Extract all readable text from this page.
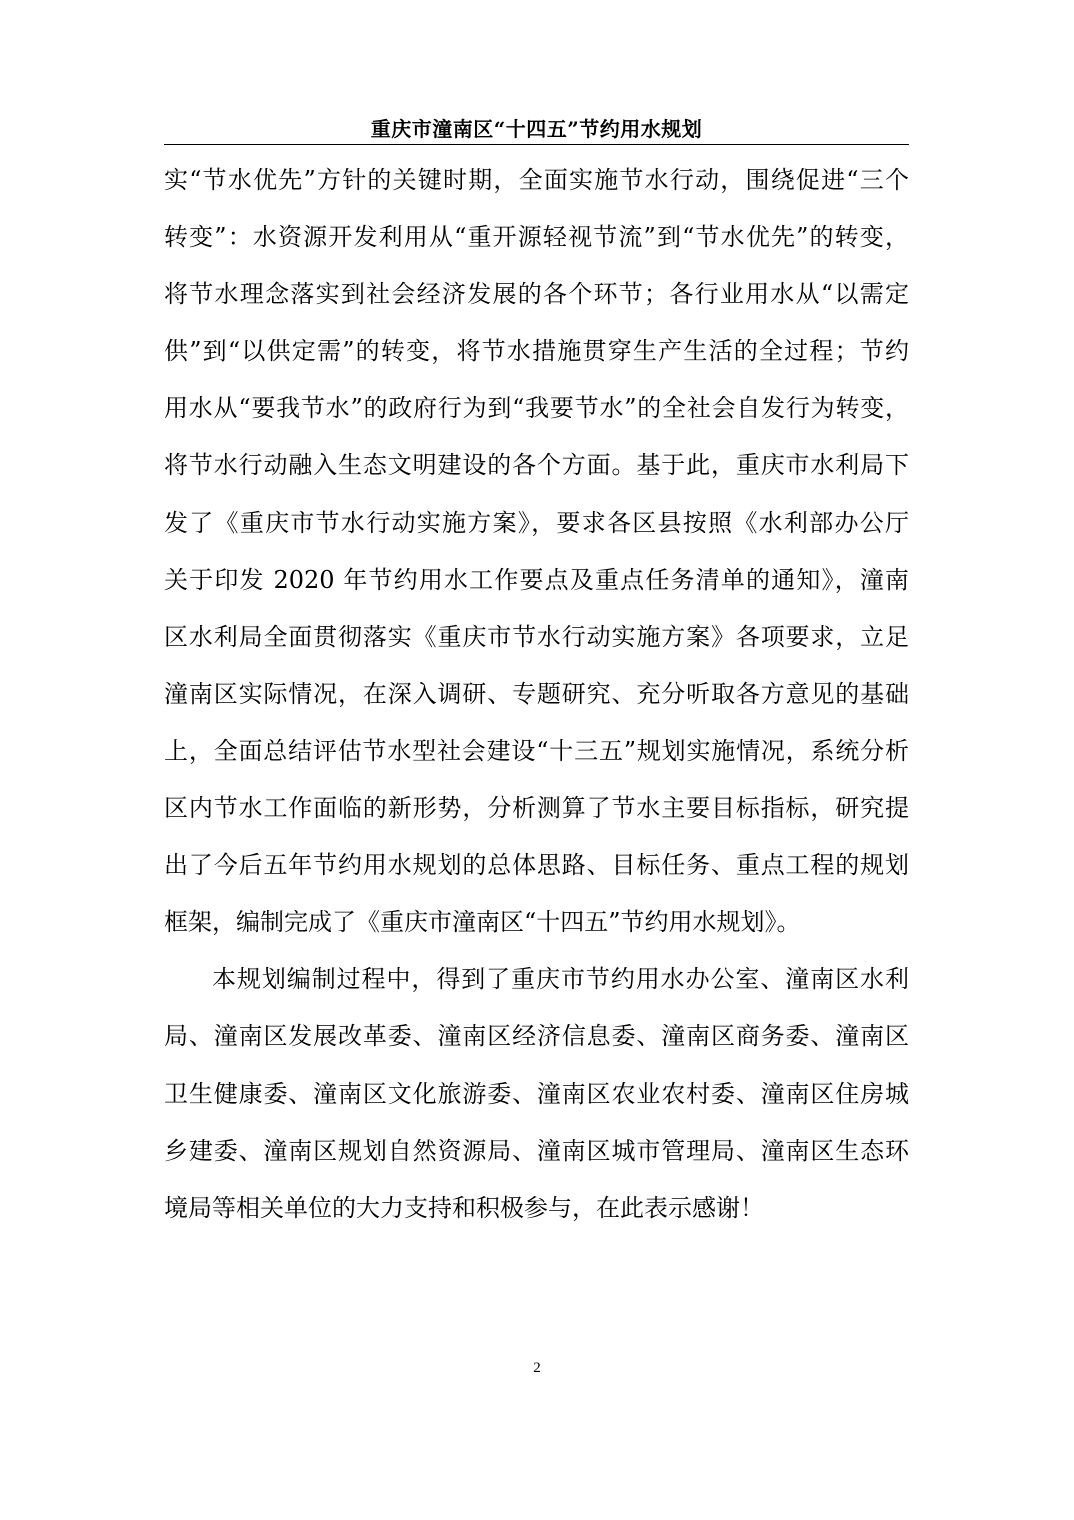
重庆市潼南区“十四五”节约用水规划
实“节水优先”方针的关键时期，全面实施节水行动，围绕促进“三个
转变”：水资源开发利用从“重开源轻视节流”到“节水优先”的转变，
将节水理念落实到社会经济发展的各个环节；各行业用水从“以需定
供”到“以供定需”的转变，将节水措施贯穿生产生活的全过程；节约
用水从“要我节水”的政府行为到“我要节水”的全社会自发行为转变，
将节水行动融入生态文明建设的各个方面。基于此，重庆市水利局下
发了《重庆市节水行动实施方案》，要求各区县按照《水利部办公厅
关于印发 2020 年节约用水工作要点及重点任务清单的通知》，潼南
区水利局全面贯彻落实《重庆市节水行动实施方案》各项要求，立足
潼南区实际情况，在深入调研、专题研究、充分听取各方意见的基础
上，全面总结评估节水型社会建设“十三五”规划实施情况，系统分析
区内节水工作面临的新形势，分析测算了节水主要目标指标，研究提
出了今后五年节约用水规划的总体思路、目标任务、重点工程的规划
框架，编制完成了《重庆市潼南区“十四五”节约用水规划》。
本规划编制过程中，得到了重庆市节约用水办公室、潼南区水利
局、潼南区发展改革委、潼南区经济信息委、潼南区商务委、潼南区
卫生健康委、潼南区文化旅游委、潼南区农业农村委、潼南区住房城
乡建委、潼南区规划自然资源局、潼南区城市管理局、潼南区生态环
境局等相关单位的大力支持和积极参与，在此表示感谢！
2
